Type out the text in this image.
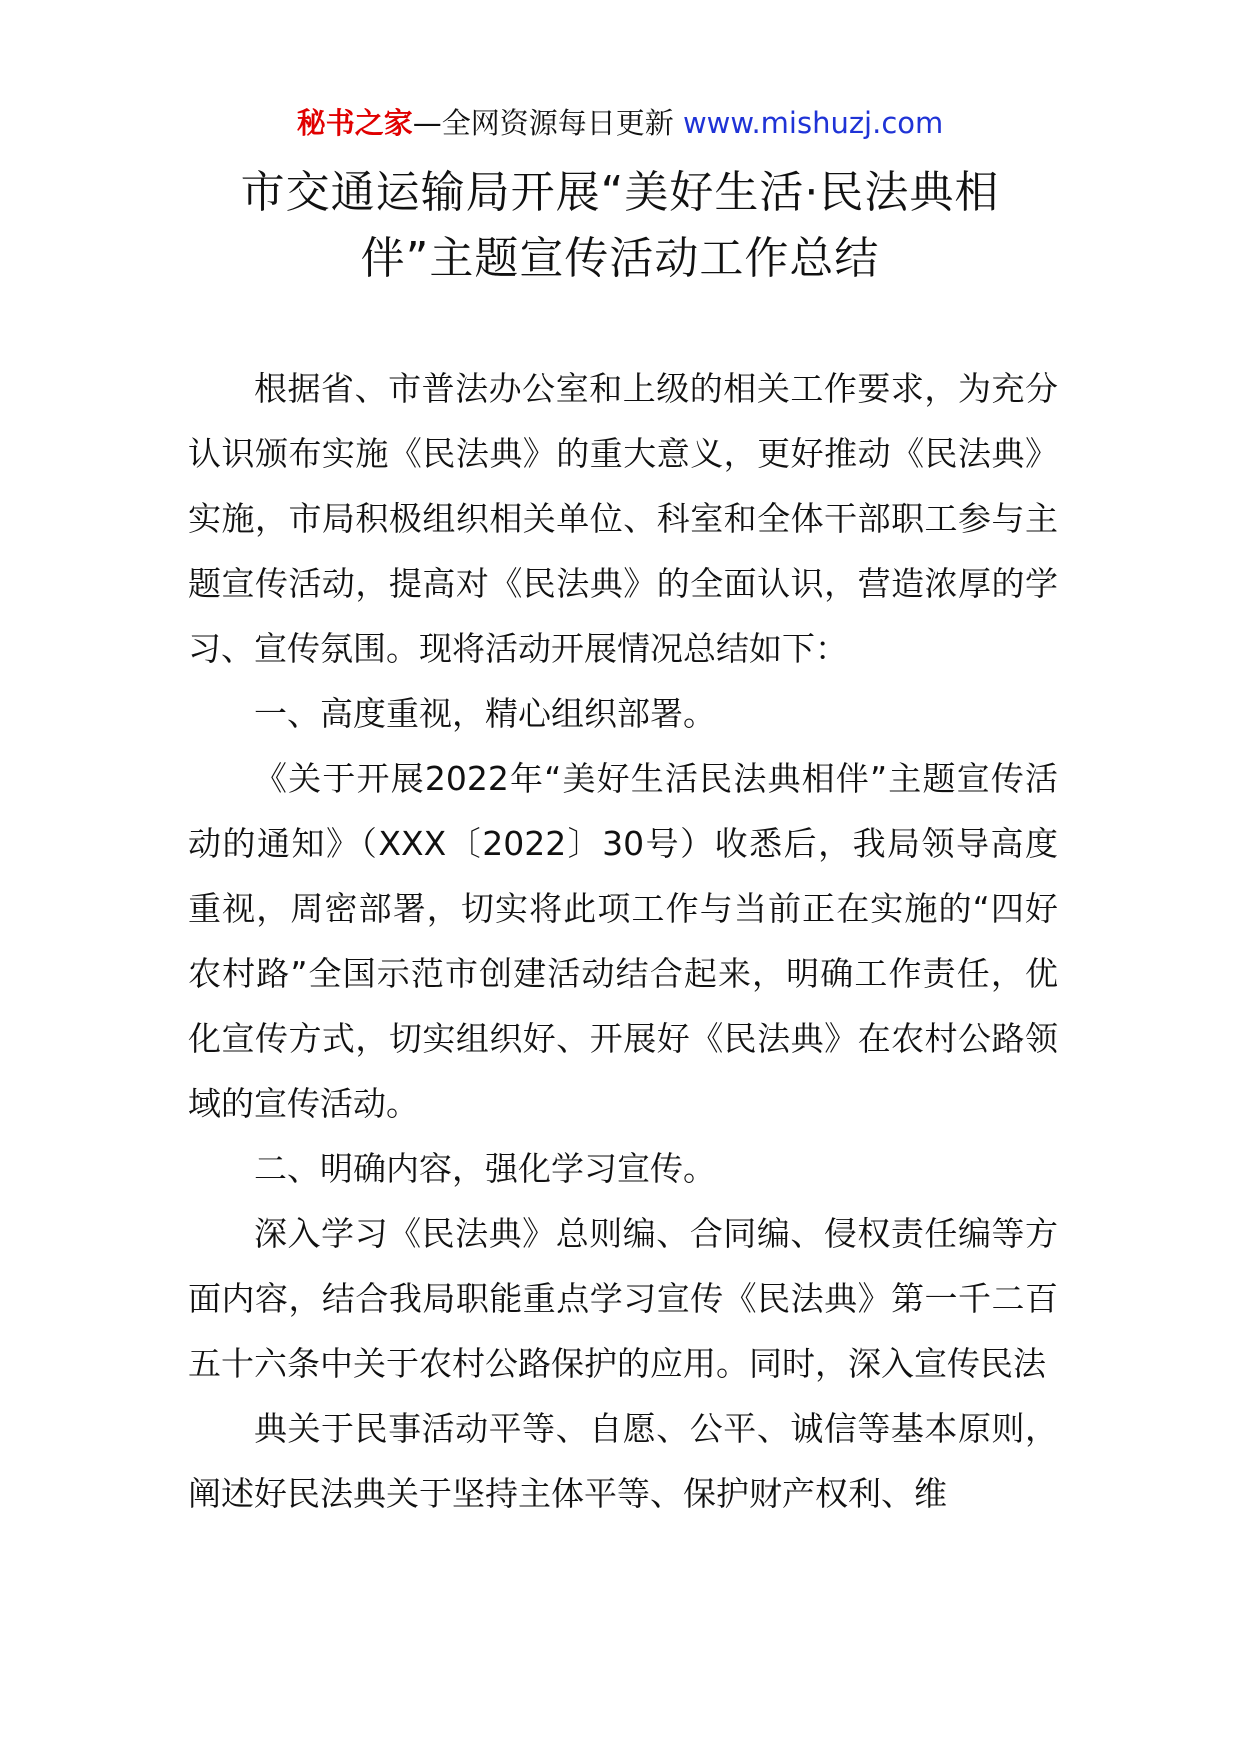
秘书之家—全网资源每日更新 www.mishuzj.com
市交通运输局开展“美好生活·民法典相
伴”主题宣传活动工作总结

根据省、市普法办公室和上级的相关工作要求，为充分认识颁布实施《民法典》的重大意义，更好推动《民法典》实施，市局积极组织相关单位、科室和全体干部职工参与主题宣传活动，提高对《民法典》的全面认识，营造浓厚的学习、宣传氛围。现将活动开展情况总结如下：

一、高度重视，精心组织部署。

《关于开展2022年“美好生活民法典相伴”主题宣传活动的通知》（XXX〔2022〕30号）收悉后，我局领导高度重视，周密部署，切实将此项工作与当前正在实施的“四好农村路”全国示范市创建活动结合起来，明确工作责任，优化宣传方式，切实组织好、开展好《民法典》在农村公路领域的宣传活动。

二、明确内容，强化学习宣传。

深入学习《民法典》总则编、合同编、侵权责任编等方面内容，结合我局职能重点学习宣传《民法典》第一千二百五十六条中关于农村公路保护的应用。同时，深入宣传民法

典关于民事活动平等、自愿、公平、诚信等基本原则，阐述好民法典关于坚持主体平等、保护财产权利、维
